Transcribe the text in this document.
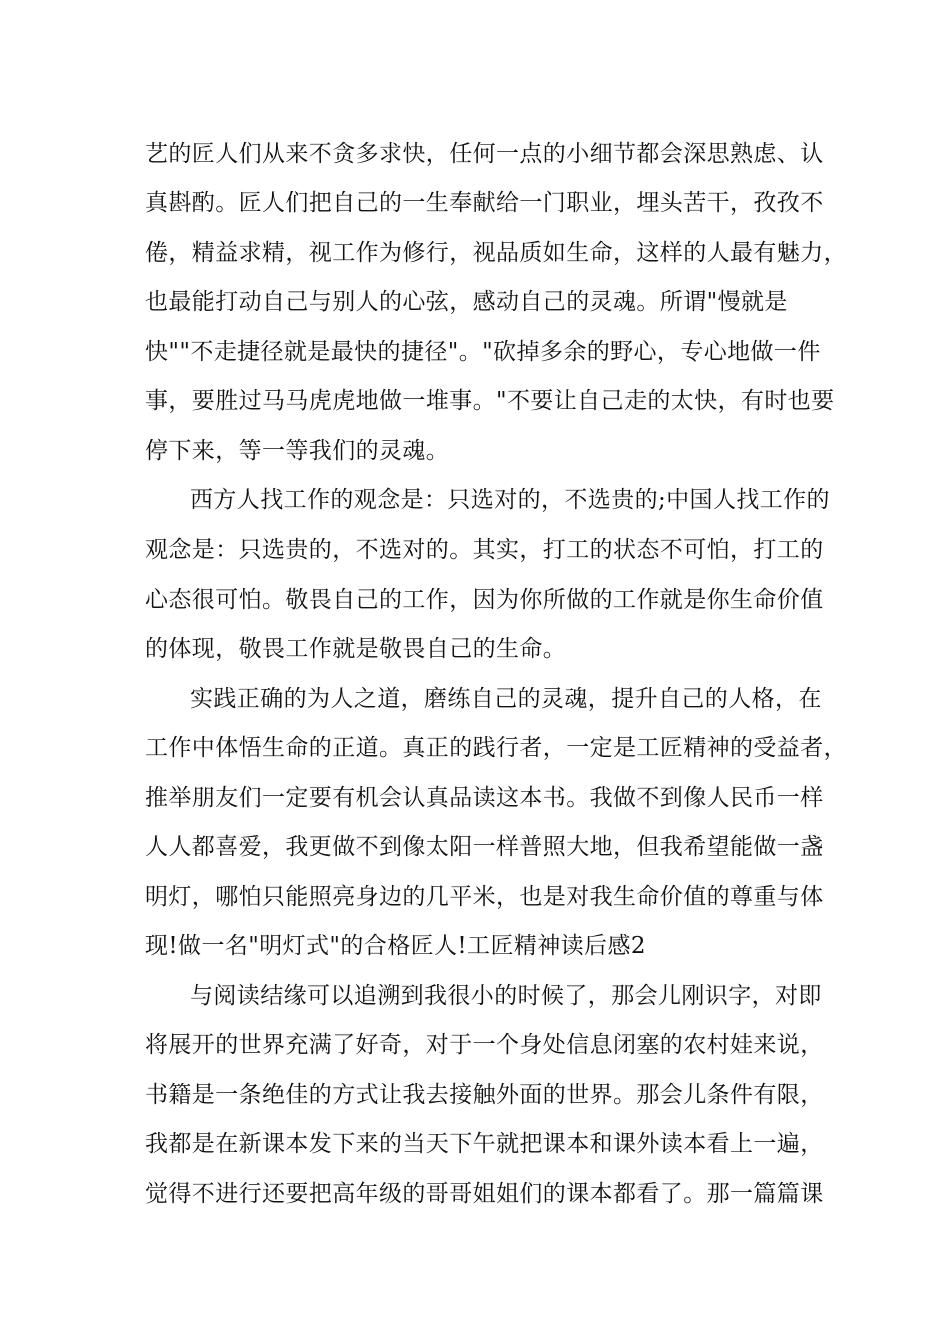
艺的匠人们从来不贪多求快，任何一点的小细节都会深思熟虑、认
真斟酌。匠人们把自己的一生奉献给一门职业，埋头苦干，孜孜不
倦，精益求精，视工作为修行，视品质如生命，这样的人最有魅力，
也最能打动自己与别人的心弦，感动自己的灵魂。所谓"慢就是
快""不走捷径就是最快的捷径"。"砍掉多余的野心，专心地做一件
事，要胜过马马虎虎地做一堆事。"不要让自己走的太快，有时也要
停下来，等一等我们的灵魂。
西方人找工作的观念是：只选对的，不选贵的;中国人找工作的
观念是：只选贵的，不选对的。其实，打工的状态不可怕，打工的
心态很可怕。敬畏自己的工作，因为你所做的工作就是你生命价值
的体现，敬畏工作就是敬畏自己的生命。
实践正确的为人之道，磨练自己的灵魂，提升自己的人格，在
工作中体悟生命的正道。真正的践行者，一定是工匠精神的受益者，
推举朋友们一定要有机会认真品读这本书。我做不到像人民币一样
人人都喜爱，我更做不到像太阳一样普照大地，但我希望能做一盏
明灯，哪怕只能照亮身边的几平米，也是对我生命价值的尊重与体
现!做一名"明灯式"的合格匠人!工匠精神读后感2
与阅读结缘可以追溯到我很小的时候了，那会儿刚识字，对即
将展开的世界充满了好奇，对于一个身处信息闭塞的农村娃来说，
书籍是一条绝佳的方式让我去接触外面的世界。那会儿条件有限，
我都是在新课本发下来的当天下午就把课本和课外读本看上一遍，
觉得不进行还要把高年级的哥哥姐姐们的课本都看了。那一篇篇课
